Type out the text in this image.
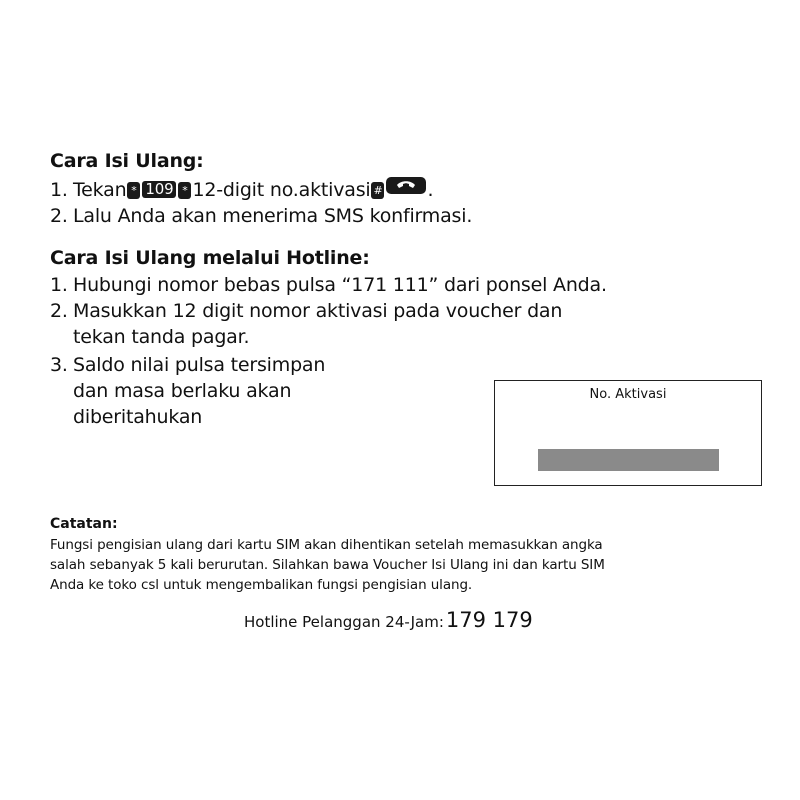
Cara Isi Ulang:
1. Tekan * 109 * 12-digit no.aktivasi # .
2. Lalu Anda akan menerima SMS konfirmasi.
Cara Isi Ulang melalui Hotline:
1. Hubungi nomor bebas pulsa “171 111” dari ponsel Anda.
2. Masukkan 12 digit nomor aktivasi pada voucher dan
tekan tanda pagar.
3. Saldo nilai pulsa tersimpan
dan masa berlaku akan
diberitahukan
No. Aktivasi
Catatan:
Fungsi pengisian ulang dari kartu SIM akan dihentikan setelah memasukkan angka
salah sebanyak 5 kali berurutan. Silahkan bawa Voucher Isi Ulang ini dan kartu SIM
Anda ke toko csl untuk mengembalikan fungsi pengisian ulang.
Hotline Pelanggan 24-Jam:179 179
